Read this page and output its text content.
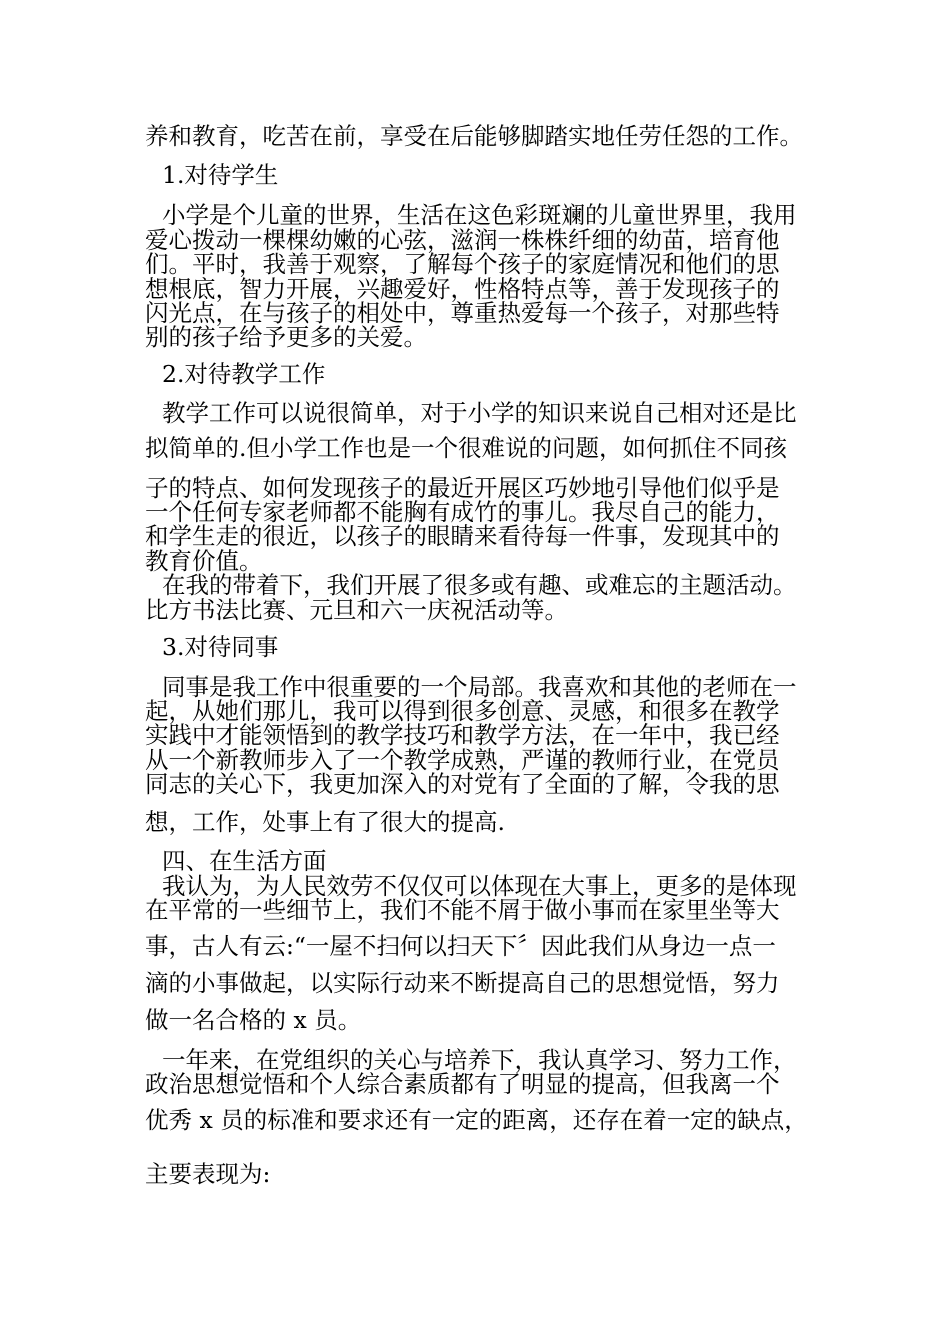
养和教育，吃苦在前，享受在后能够脚踏实地任劳任怨的工作。
1.对待学生
小学是个儿童的世界，生活在这色彩斑斓的儿童世界里，我用
爱心拨动一棵棵幼嫩的心弦，滋润一株株纤细的幼苗，培育他
们。平时，我善于观察，了解每个孩子的家庭情况和他们的思
想根底，智力开展，兴趣爱好，性格特点等，善于发现孩子的
闪光点，在与孩子的相处中，尊重热爱每一个孩子，对那些特
别的孩子给予更多的关爱。
2.对待教学工作
教学工作可以说很简单，对于小学的知识来说自己相对还是比
拟简单的.但小学工作也是一个很难说的问题，如何抓住不同孩
子的特点、如何发现孩子的最近开展区巧妙地引导他们似乎是
一个任何专家老师都不能胸有成竹的事儿。我尽自己的能力，
和学生走的很近，以孩子的眼睛来看待每一件事，发现其中的
教育价值。
在我的带着下，我们开展了很多或有趣、或难忘的主题活动。
比方书法比赛、元旦和六一庆祝活动等。
3.对待同事
同事是我工作中很重要的一个局部。我喜欢和其他的老师在一
起，从她们那儿，我可以得到很多创意、灵感，和很多在教学
实践中才能领悟到的教学技巧和教学方法，在一年中，我已经
从一个新教师步入了一个教学成熟，严谨的教师行业，在党员
同志的关心下，我更加深入的对党有了全面的了解，令我的思
想，工作，处事上有了很大的提高.
四、在生活方面
我认为，为人民效劳不仅仅可以体现在大事上，更多的是体现
在平常的一些细节上，我们不能不屑于做小事而在家里坐等大
事，古人有云:“一屋不扫何以扫天下〞因此我们从身边一点一
滴的小事做起，以实际行动来不断提高自己的思想觉悟，努力
做一名合格的 x 员。
一年来，在党组织的关心与培养下，我认真学习、努力工作，
政治思想觉悟和个人综合素质都有了明显的提高，但我离一个
优秀 x 员的标准和要求还有一定的距离，还存在着一定的缺点，
主要表现为:
